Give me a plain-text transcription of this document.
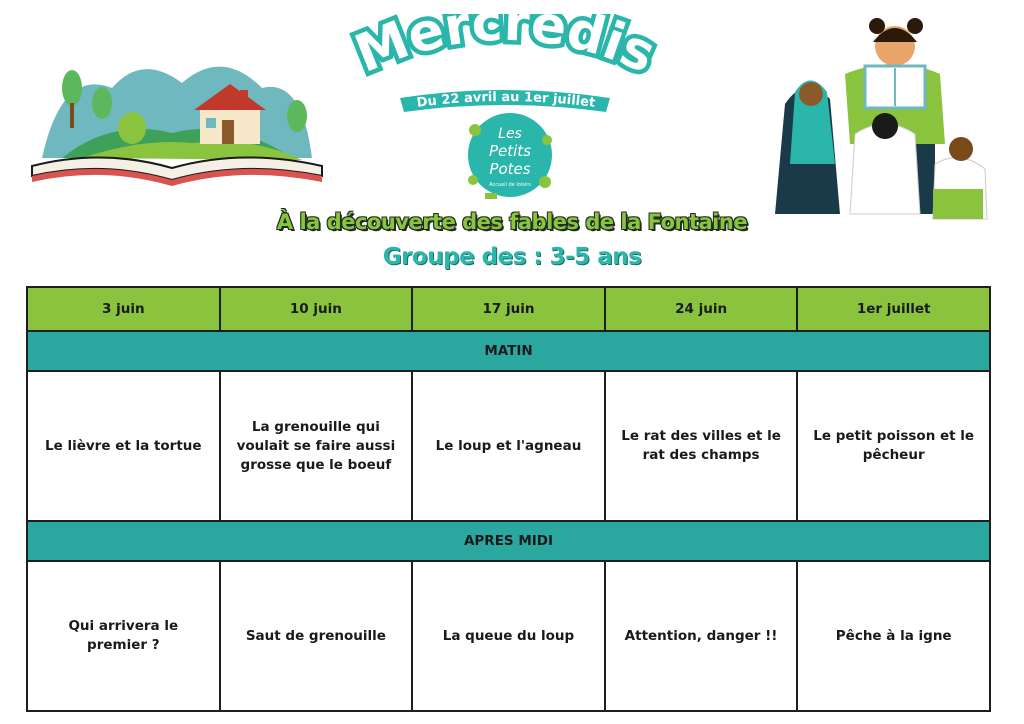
Mercredis
Du 22 avril au 1er juillet
Les
Petits
Potes
Accueil de loisirs
À la découverte des fables de la Fontaine
Groupe des : 3-5 ans
3 juin	10 juin	17 juin	24 juin	1er juillet
MATIN				
Le lièvre et la tortue	La grenouille qui voulait se faire aussi grosse que le boeuf	Le loup et l'agneau	Le rat des villes et le rat des champs	Le petit poisson et le pêcheur
APRES MIDI				
Qui arrivera le premier ?	Saut de grenouille	La queue du loup	Attention, danger !!	Pêche à la igne
